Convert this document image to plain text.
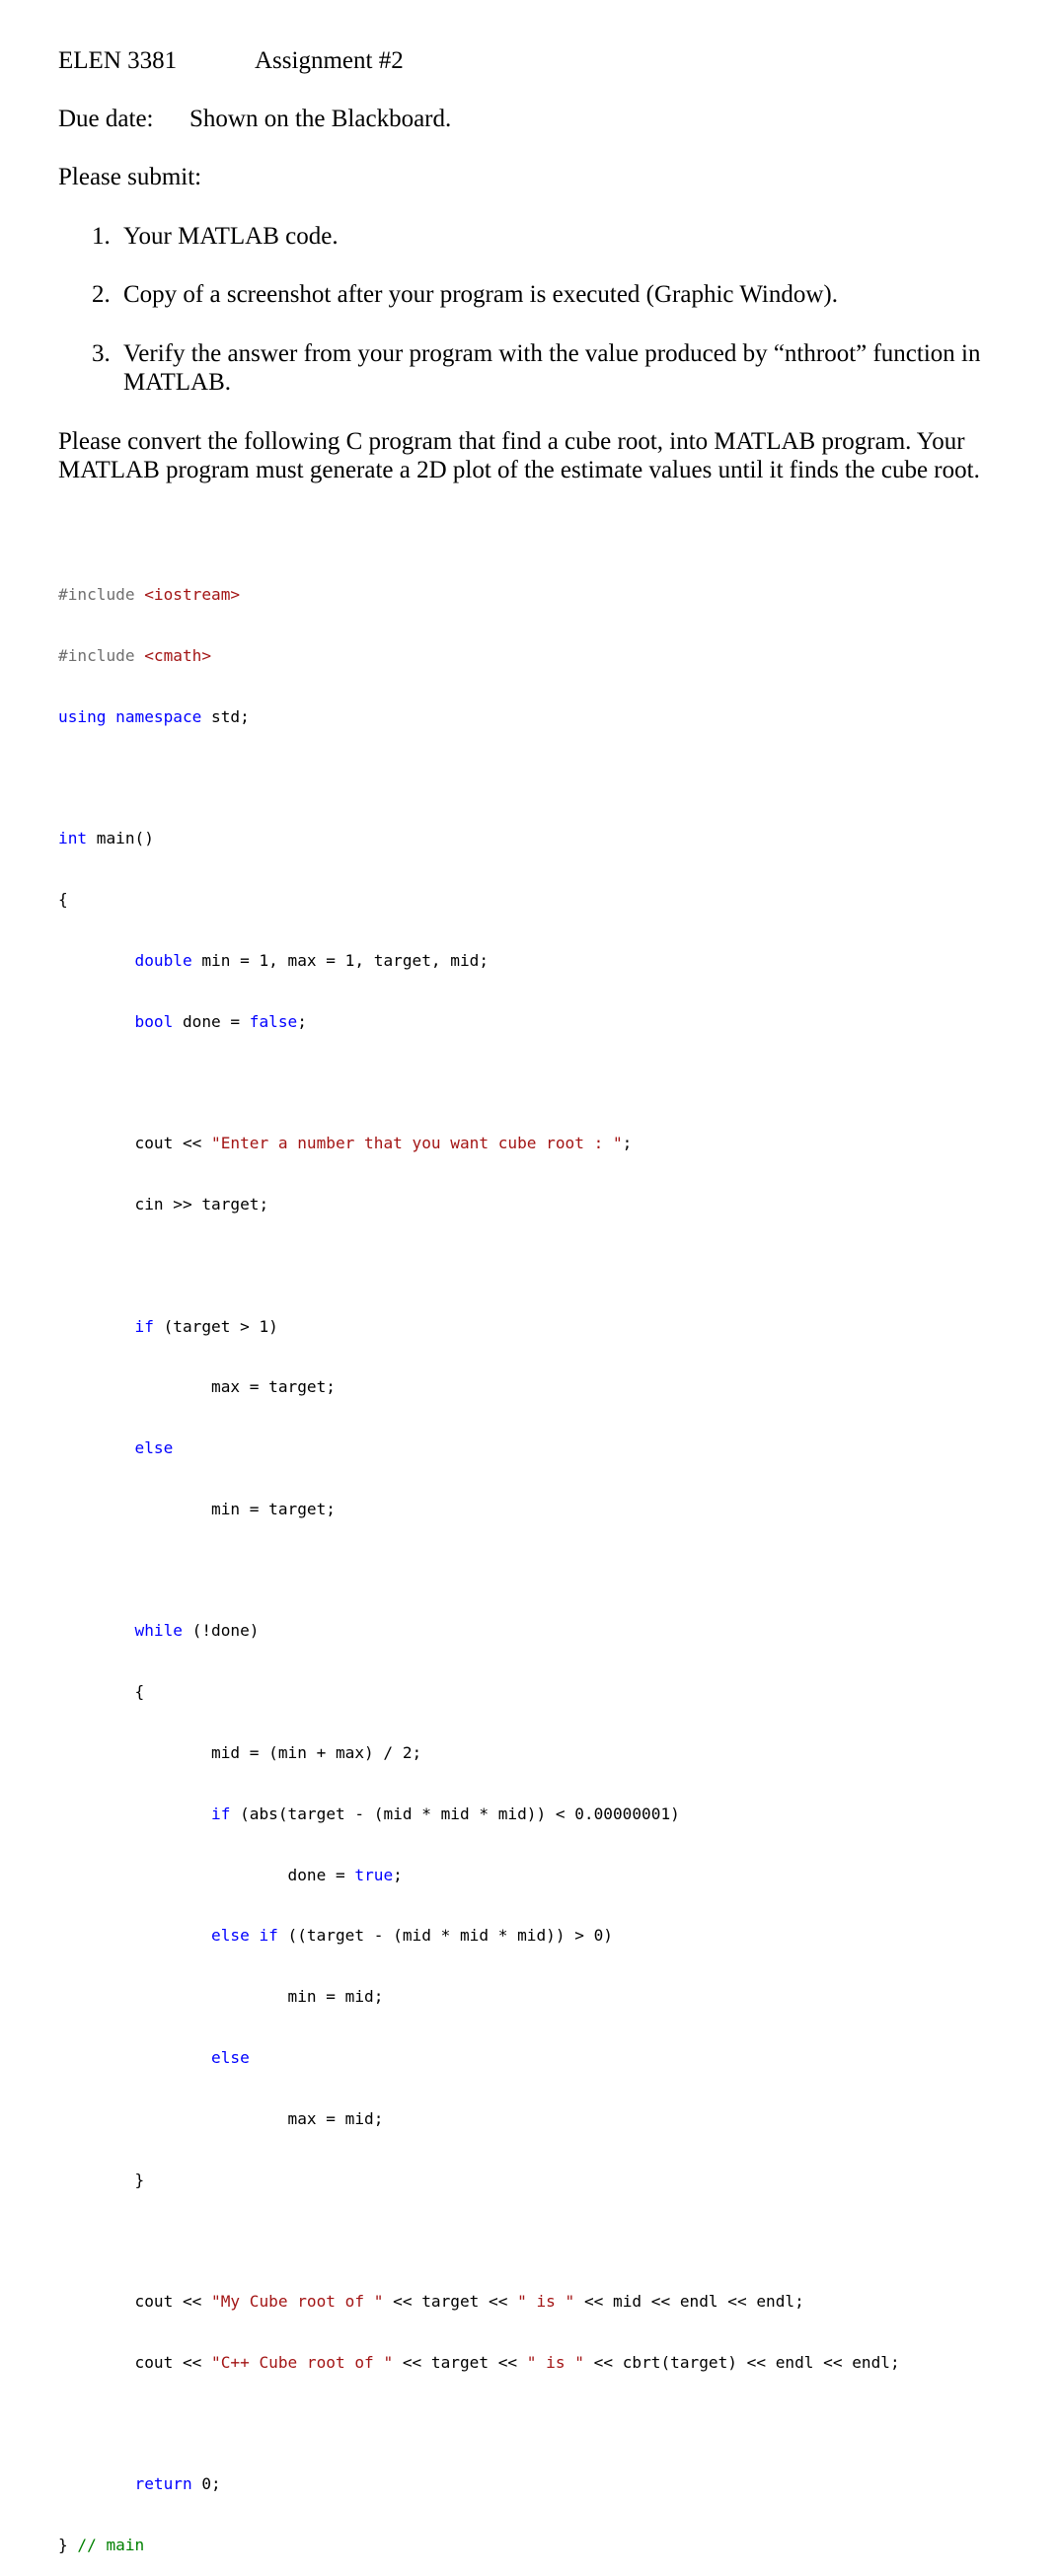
ELEN 3381	Assignment #2
Due date: Shown on the Blackboard.
Please submit:
1. Your MATLAB code.
2. Copy of a screenshot after your program is executed (Graphic Window).
3. Verify the answer from your program with the value produced by “nthroot” function in
MATLAB.
Please convert the following C program that find a cube root, into MATLAB program. Your
MATLAB program must generate a 2D plot of the estimate values until it finds the cube root.

#include <iostream>

#include <cmath>

using namespace std;

int main()

{

double min = 1, max = 1, target, mid;

bool done = false;

cout << "Enter a number that you want cube root : ";

cin >> target;

if (target > 1)

max = target;

else

min = target;

while (!done)

{

mid = (min + max) / 2;

if (abs(target - (mid * mid * mid)) < 0.00000001)

done = true;

else if ((target - (mid * mid * mid)) > 0)

min = mid;

else

max = mid;

}

cout << "My Cube root of " << target << " is " << mid << endl << endl;

cout << "C++ Cube root of " << target << " is " << cbrt(target) << endl << endl;

return 0;

} // main
